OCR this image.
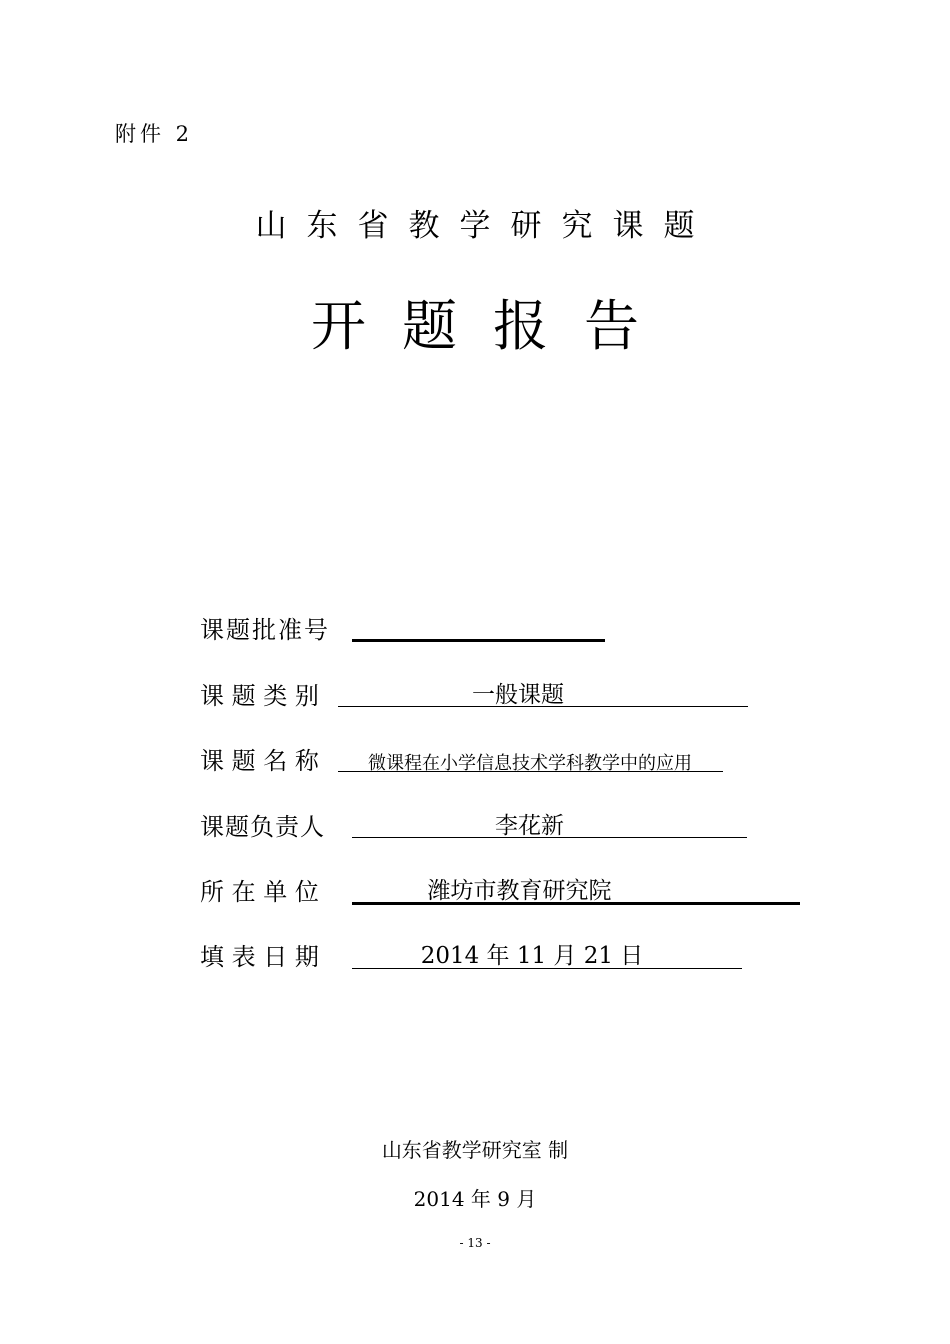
附件 2
山东省教学研究课题
开题报告
课题批准号
课 题 类 别	一般课题
课 题 名 称	微课程在小学信息技术学科教学中的应用
课题负责人	李花新
所 在 单 位	潍坊市教育研究院
填 表 日 期	2014 年 11 月 21 日
山东省教学研究室 制
2014 年 9 月
- 13 -
